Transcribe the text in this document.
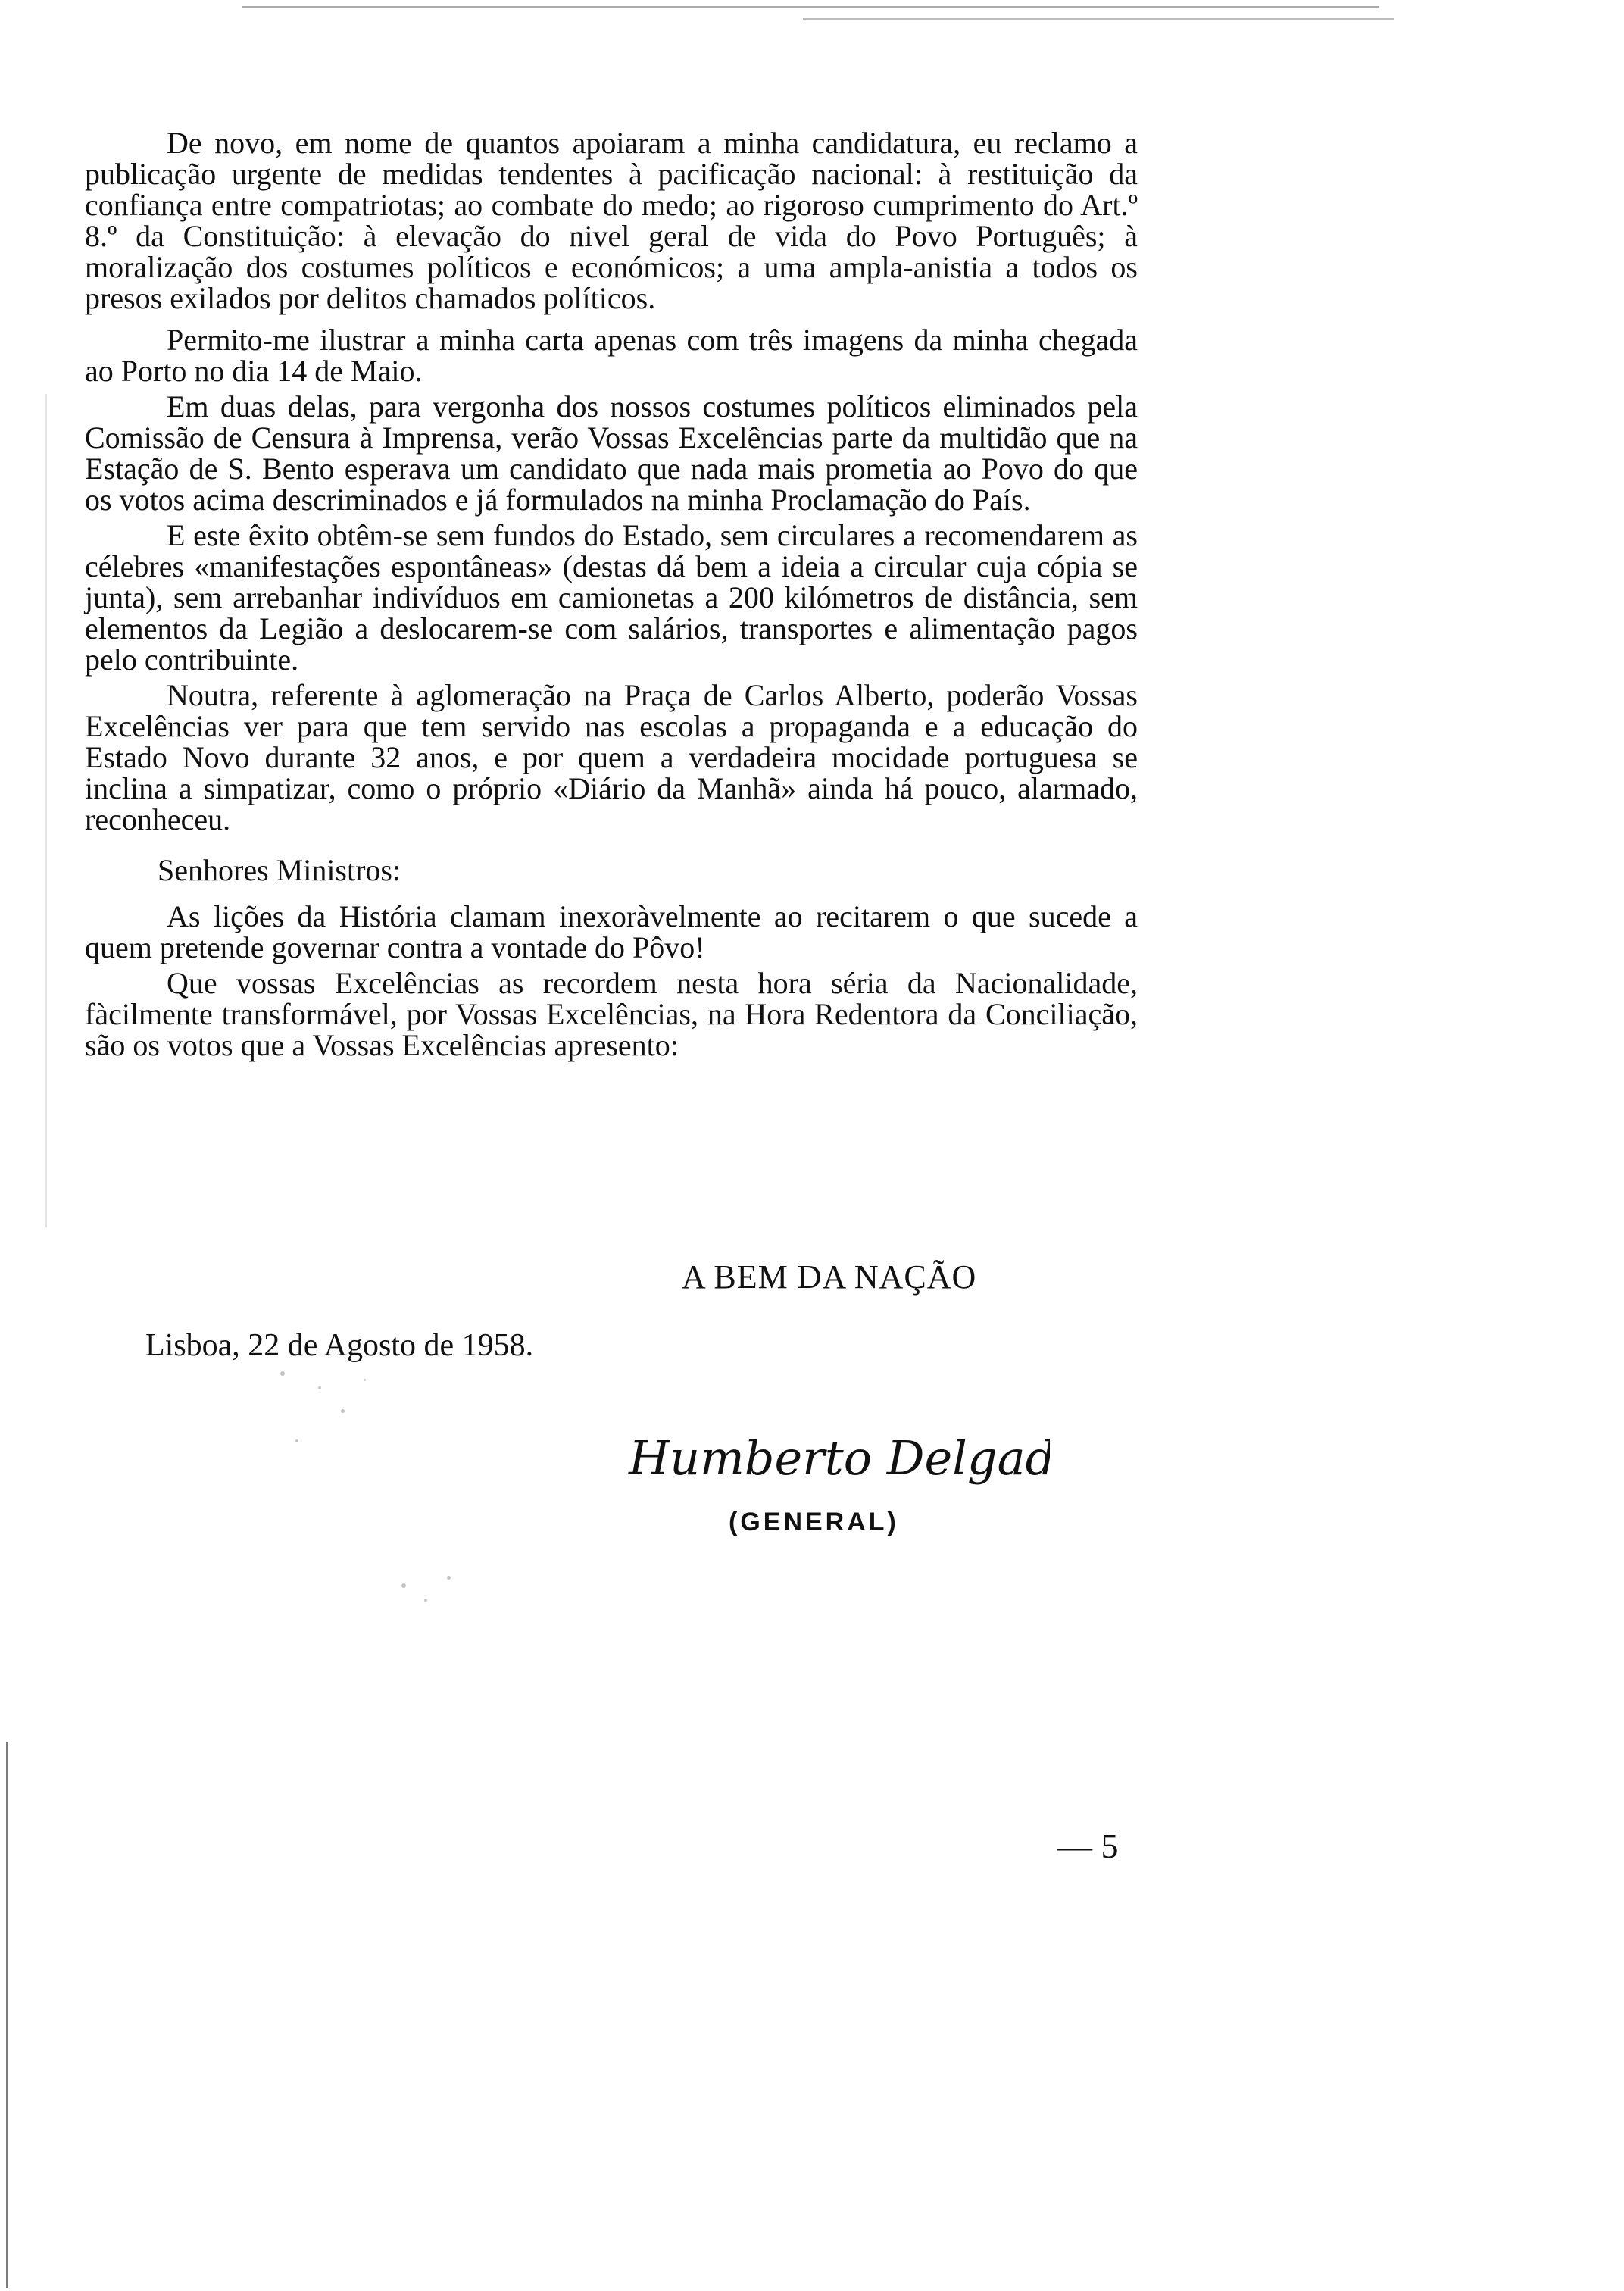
De novo, em nome de quantos apoiaram a minha candidatura, eu reclamo a publicação urgente de medidas tendentes à pacificação nacional: à restituição da confiança entre compatriotas; ao combate do medo; ao rigoroso cumprimento do Art.º 8.º da Constituição: à elevação do nivel geral de vida do Povo Português; à moralização dos costumes políticos e económicos; a uma ampla-anistia a todos os presos exilados por delitos chamados políticos.

Permito-me ilustrar a minha carta apenas com três imagens da minha chegada ao Porto no dia 14 de Maio.

Em duas delas, para vergonha dos nossos costumes políticos eliminados pela Comissão de Censura à Imprensa, verão Vossas Excelências parte da multidão que na Estação de S. Bento esperava um candidato que nada mais prometia ao Povo do que os votos acima descriminados e já formulados na minha Proclamação do País.

E este êxito obtêm-se sem fundos do Estado, sem circulares a recomendarem as célebres «manifestações espontâneas» (destas dá bem a ideia a circular cuja cópia se junta), sem arrebanhar indivíduos em camionetas a 200 kilómetros de distância, sem elementos da Legião a deslocarem-se com salários, transportes e alimentação pagos pelo contribuinte.

Noutra, referente à aglomeração na Praça de Carlos Alberto, poderão Vossas Excelências ver para que tem servido nas escolas a propaganda e a educação do Estado Novo durante 32 anos, e por quem a verdadeira mocidade portuguesa se inclina a simpatizar, como o próprio «Diário da Manhã» ainda há pouco, alarmado, reconheceu.

Senhores Ministros:

As lições da História clamam inexoràvelmente ao recitarem o que sucede a quem pretende governar contra a vontade do Pôvo!

Que vossas Excelências as recordem nesta hora séria da Nacionalidade, fàcilmente transformável, por Vossas Excelências, na Hora Redentora da Conciliação, são os votos que a Vossas Excelências apresento:

A BEM DA NAÇÃO
Lisboa, 22 de Agosto de 1958.
Humberto Delgado
(GENERAL)
— 5
